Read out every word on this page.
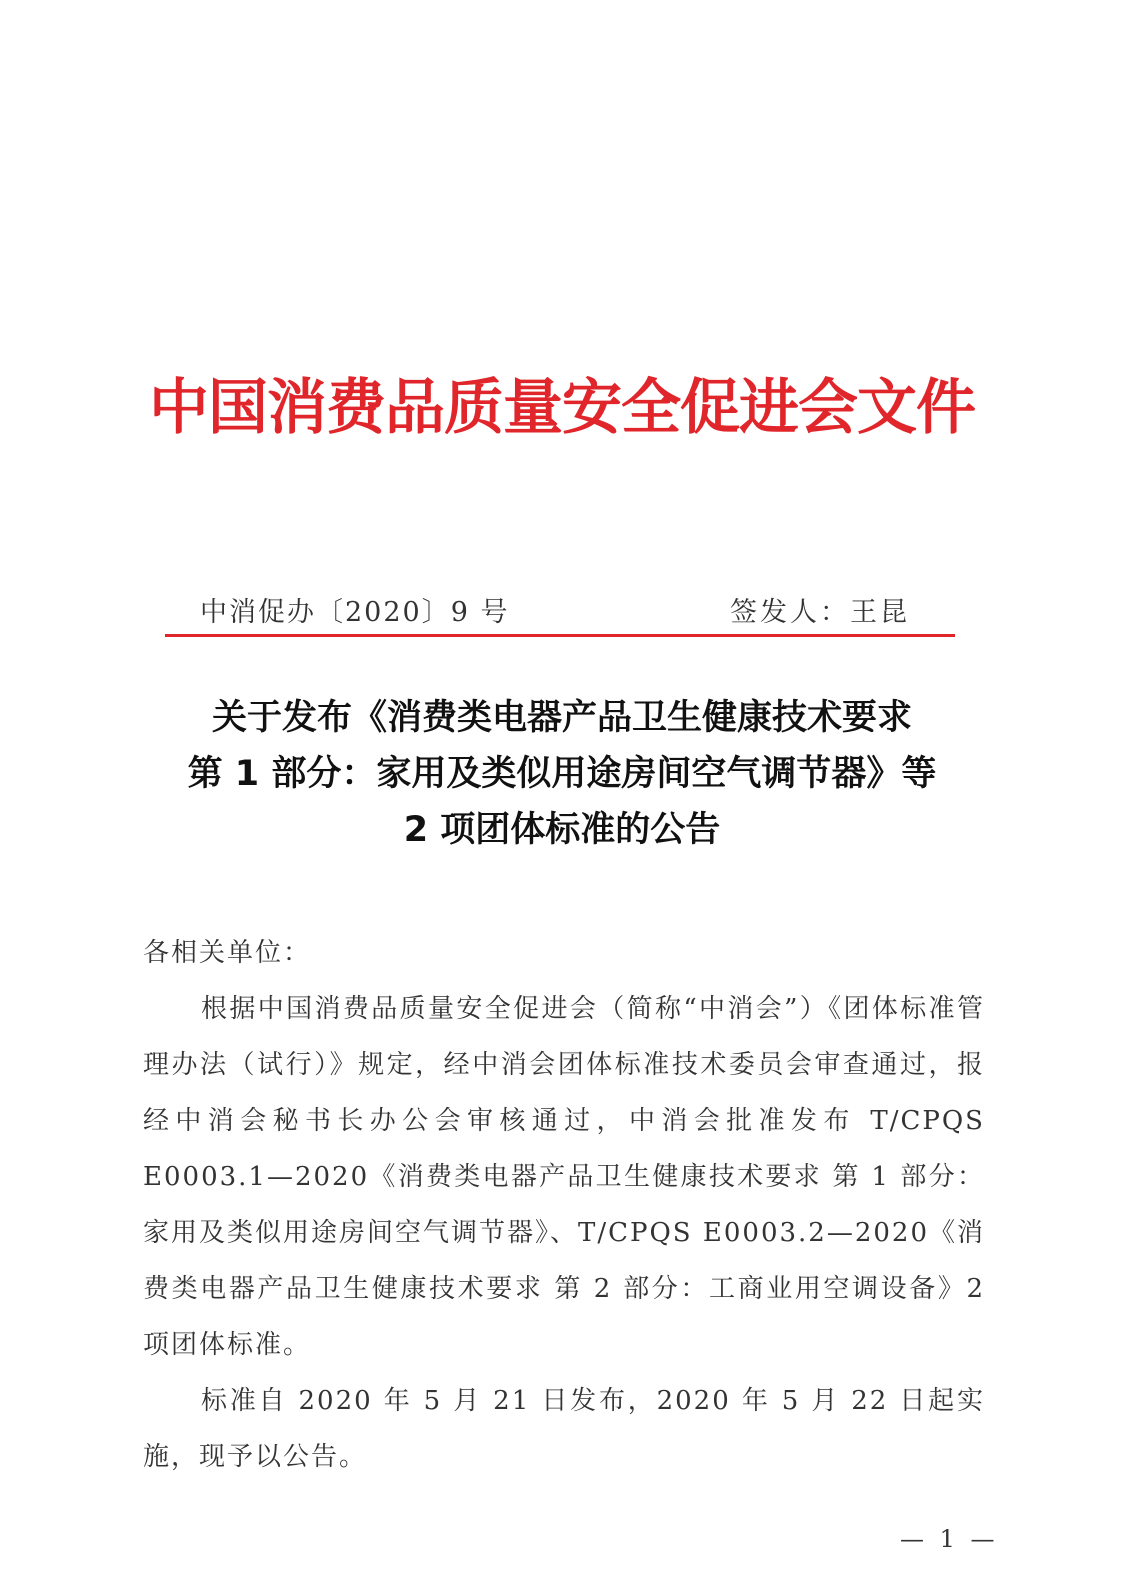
中国消费品质量安全促进会文件
中消促办〔2020〕9 号	签发人：王昆
关于发布《消费类电器产品卫生健康技术要求
第 1 部分：家用及类似用途房间空气调节器》等
2 项团体标准的公告
各相关单位：

根据中国消费品质量安全促进会（简称“中消会”）《团体标准管理办法（试行）》规定，经中消会团体标准技术委员会审查通过，报经中消会秘书长办公会审核通过，中消会批准发布 T/CPQS E0003.1—2020《消费类电器产品卫生健康技术要求 第 1 部分：家用及类似用途房间空气调节器》、T/CPQS E0003.2—2020《消费类电器产品卫生健康技术要求 第 2 部分：工商业用空调设备》2 项团体标准。

标准自 2020 年 5 月 21 日发布，2020 年 5 月 22 日起实施，现予以公告。

— 1 —
